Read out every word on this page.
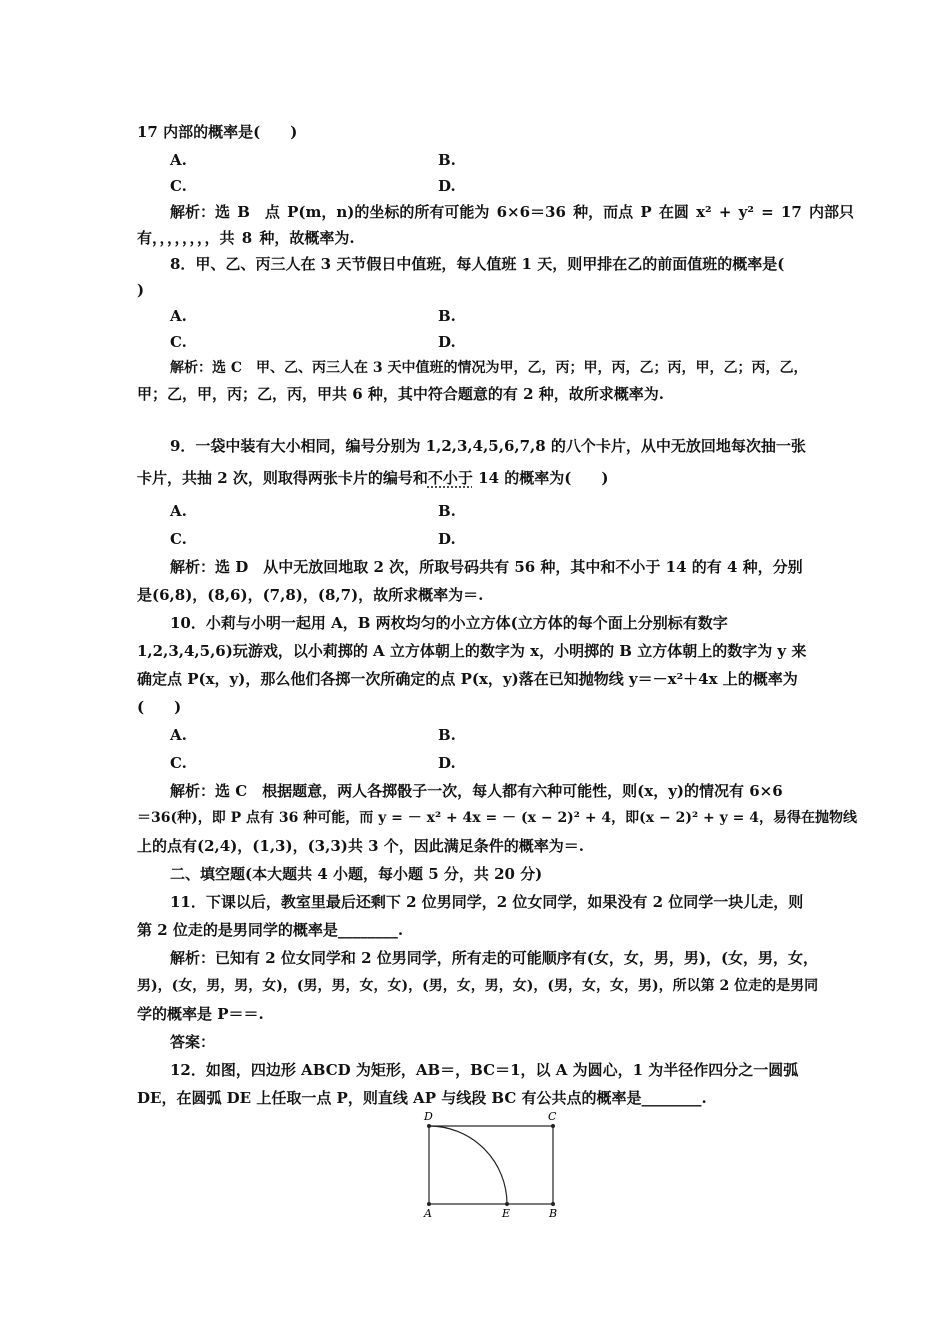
17 内部的概率是(　　)
A.	B.
C.	D.
解析：选 B　点 P(m，n)的坐标的所有可能为 6×6＝36 种，而点 P 在圆 x² + y² = 17 内部只
有，，，，，，，，共 8 种，故概率为.
8．甲、乙、丙三人在 3 天节假日中值班，每人值班 1 天，则甲排在乙的前面值班的概率是(
)
A.	B.
C.	D.
解析：选 C　甲、乙、丙三人在 3 天中值班的情况为甲，乙，丙；甲，丙，乙；丙，甲，乙；丙，乙，
甲；乙，甲，丙；乙，丙，甲共 6 种，其中符合题意的有 2 种，故所求概率为.
9．一袋中装有大小相同，编号分别为 1,2,3,4,5,6,7,8 的八个卡片，从中无放回地每次抽一张
卡片，共抽 2 次，则取得两张卡片的编号和不小于 14 的概率为(　　)
A.	B.
C.	D.
解析：选 D　从中无放回地取 2 次，所取号码共有 56 种，其中和不小于 14 的有 4 种，分别
是(6,8)，(8,6)，(7,8)，(8,7)，故所求概率为＝.
10．小莉与小明一起用 A，B 两枚均匀的小立方体(立方体的每个面上分别标有数字
1,2,3,4,5,6)玩游戏，以小莉掷的 A 立方体朝上的数字为 x，小明掷的 B 立方体朝上的数字为 y 来
确定点 P(x，y)，那么他们各掷一次所确定的点 P(x，y)落在已知抛物线 y＝－x²＋4x 上的概率为
(　　)
A.	B.
C.	D.
解析：选 C　根据题意，两人各掷骰子一次，每人都有六种可能性，则(x，y)的情况有 6×6
＝36(种)，即 P 点有 36 种可能，而 y = － x² + 4x = － (x − 2)² + 4，即(x − 2)² + y = 4，易得在抛物线
上的点有(2,4)，(1,3)，(3,3)共 3 个，因此满足条件的概率为＝.
二、填空题(本大题共 4 小题，每小题 5 分，共 20 分)
11．下课以后，教室里最后还剩下 2 位男同学，2 位女同学，如果没有 2 位同学一块儿走，则
第 2 位走的是男同学的概率是________.
解析：已知有 2 位女同学和 2 位男同学，所有走的可能顺序有(女，女，男，男)，(女，男，女，
男)，(女，男，男，女)，(男，男，女，女)，(男，女，男，女)，(男，女，女，男)，所以第 2 位走的是男同
学的概率是 P＝＝.
答案：
12．如图，四边形 ABCD 为矩形，AB＝，BC＝1，以 A 为圆心，1 为半径作四分之一圆弧
DE，在圆弧 DE 上任取一点 P，则直线 AP 与线段 BC 有公共点的概率是________.
D	C
A	E	B
